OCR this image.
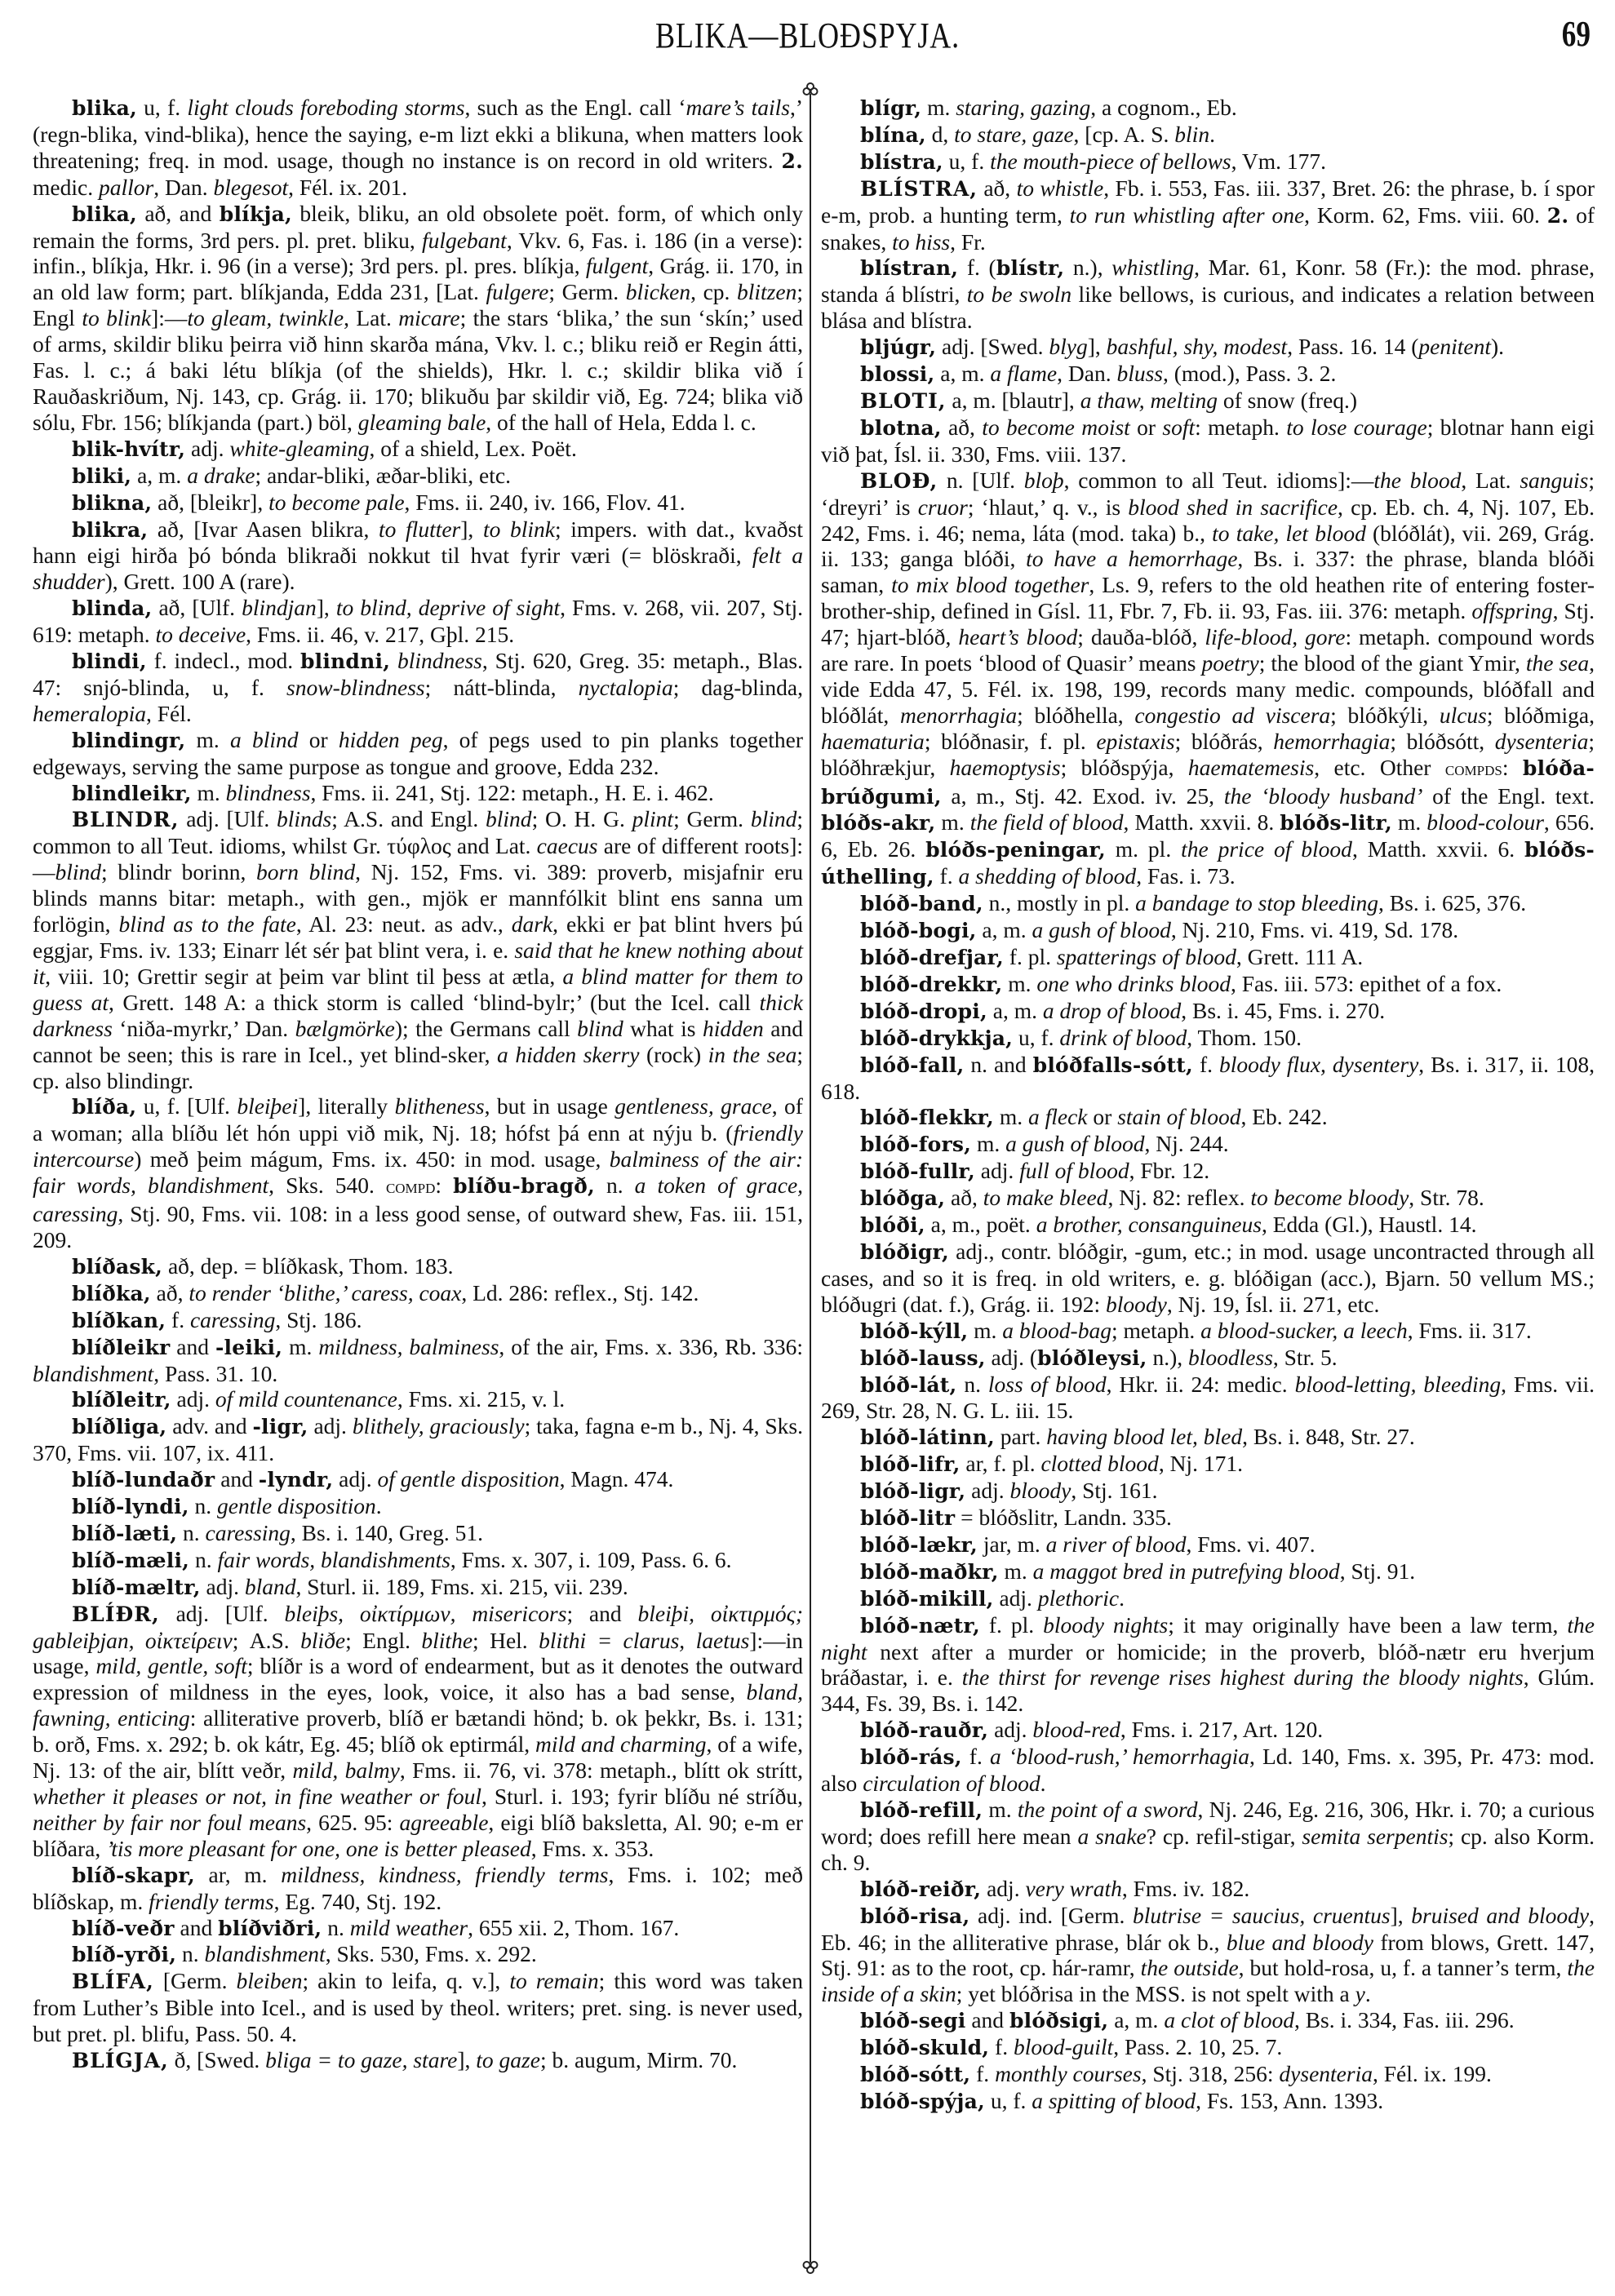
BLIKA—BLOĐSPYJA.	69

blika, u, f. light clouds foreboding storms, such as the Engl. call ‘mare’s tails,’ (regn-blika, vind-blika), hence the saying, e-m lizt ekki a blikuna, when matters look threatening; freq. in mod. usage, though no instance is on record in old writers. 2. medic. pallor, Dan. blegesot, Fél. ix. 201.

blika, að, and blíkja, bleik, bliku, an old obsolete poët. form, of which only remain the forms, 3rd pers. pl. pret. bliku, fulgebant, Vkv. 6, Fas. i. 186 (in a verse): infin., blíkja, Hkr. i. 96 (in a verse); 3rd pers. pl. pres. blíkja, fulgent, Grág. ii. 170, in an old law form; part. blíkjanda, Edda 231, [Lat. fulgere; Germ. blicken, cp. blitzen; Engl to blink]:—to gleam, twinkle, Lat. micare; the stars ‘blika,’ the sun ‘skín;’ used of arms, skildir bliku þeirra við hinn skarða mána, Vkv. l. c.; bliku reið er Regin átti, Fas. l. c.; á baki létu blíkja (of the shields), Hkr. l. c.; skildir blika við í Rauðaskriðum, Nj. 143, cp. Grág. ii. 170; blikuðu þar skildir við, Eg. 724; blika við sólu, Fbr. 156; blíkjanda (part.) böl, gleaming bale, of the hall of Hela, Edda l. c.

blik-hvítr, adj. white-gleaming, of a shield, Lex. Poët.

bliki, a, m. a drake; andar-bliki, æðar-bliki, etc.

blikna, að, [bleikr], to become pale, Fms. ii. 240, iv. 166, Flov. 41.

blikra, að, [Ivar Aasen blikra, to flutter], to blink; impers. with dat., kvaðst hann eigi hirða þó bónda blikraði nokkut til hvat fyrir væri (= blöskraði, felt a shudder), Grett. 100 A (rare).

blinda, að, [Ulf. blindjan], to blind, deprive of sight, Fms. v. 268, vii. 207, Stj. 619: metaph. to deceive, Fms. ii. 46, v. 217, Gþl. 215.

blindi, f. indecl., mod. blindni, blindness, Stj. 620, Greg. 35: metaph., Blas. 47: snjó-blinda, u, f. snow-blindness; nátt-blinda, nyctalopia; dag-blinda, hemeralopia, Fél.

blindingr, m. a blind or hidden peg, of pegs used to pin planks together edgeways, serving the same purpose as tongue and groove, Edda 232.

blindleikr, m. blindness, Fms. ii. 241, Stj. 122: metaph., H. E. i. 462.

BLINDR, adj. [Ulf. blinds; A.S. and Engl. blind; O. H. G. plint; Germ. blind; common to all Teut. idioms, whilst Gr. τύφλος and Lat. caecus are of different roots]:—blind; blindr borinn, born blind, Nj. 152, Fms. vi. 389: proverb, misjafnir eru blinds manns bitar: metaph., with gen., mjök er mannfólkit blint ens sanna um forlögin, blind as to the fate, Al. 23: neut. as adv., dark, ekki er þat blint hvers þú eggjar, Fms. iv. 133; Einarr lét sér þat blint vera, i. e. said that he knew nothing about it, viii. 10; Grettir segir at þeim var blint til þess at ætla, a blind matter for them to guess at, Grett. 148 A: a thick storm is called ‘blind-bylr;’ (but the Icel. call thick darkness ‘niða-myrkr,’ Dan. bælgmörke); the Germans call blind what is hidden and cannot be seen; this is rare in Icel., yet blind-sker, a hidden skerry (rock) in the sea; cp. also blindingr.

blíða, u, f. [Ulf. bleiþei], literally blitheness, but in usage gentleness, grace, of a woman; alla blíðu lét hón uppi við mik, Nj. 18; hófst þá enn at nýju b. (friendly intercourse) með þeim mágum, Fms. ix. 450: in mod. usage, balminess of the air: fair words, blandishment, Sks. 540. compd: blíðu-bragð, n. a token of grace, caressing, Stj. 90, Fms. vii. 108: in a less good sense, of outward shew, Fas. iii. 151, 209.

blíðask, að, dep. = blíðkask, Thom. 183.

blíðka, að, to render ‘blithe,’ caress, coax, Ld. 286: reflex., Stj. 142.

blíðkan, f. caressing, Stj. 186.

blíðleikr and -leiki, m. mildness, balminess, of the air, Fms. x. 336, Rb. 336: blandishment, Pass. 31. 10.

blíðleitr, adj. of mild countenance, Fms. xi. 215, v. l.

blíðliga, adv. and -ligr, adj. blithely, graciously; taka, fagna e-m b., Nj. 4, Sks. 370, Fms. vii. 107, ix. 411.

blíð-lundaðr and -lyndr, adj. of gentle disposition, Magn. 474.

blíð-lyndi, n. gentle disposition.

blíð-læti, n. caressing, Bs. i. 140, Greg. 51.

blíð-mæli, n. fair words, blandishments, Fms. x. 307, i. 109, Pass. 6. 6.

blíð-mæltr, adj. bland, Sturl. ii. 189, Fms. xi. 215, vii. 239.

BLÍÐR, adj. [Ulf. bleiþs, οἰκτίρμων, misericors; and bleiþi, οἰκτιρμός; gableiþjan, οἰκτείρειν; A.S. bliðe; Engl. blithe; Hel. blithi = clarus, laetus]:—in usage, mild, gentle, soft; blíðr is a word of endearment, but as it denotes the outward expression of mildness in the eyes, look, voice, it also has a bad sense, bland, fawning, enticing: alliterative proverb, blíð er bætandi hönd; b. ok þekkr, Bs. i. 131; b. orð, Fms. x. 292; b. ok kátr, Eg. 45; blíð ok eptirmál, mild and charming, of a wife, Nj. 13: of the air, blítt veðr, mild, balmy, Fms. ii. 76, vi. 378: metaph., blítt ok strítt, whether it pleases or not, in fine weather or foul, Sturl. i. 193; fyrir blíðu né stríðu, neither by fair nor foul means, 625. 95: agreeable, eigi blíð bakslettа, Al. 90; e-m er blíðara, ’tis more pleasant for one, one is better pleased, Fms. x. 353.

blíð-skapr, ar, m. mildness, kindness, friendly terms, Fms. i. 102; með blíðskap, m. friendly terms, Eg. 740, Stj. 192.

blíð-veðr and blíðviðri, n. mild weather, 655 xii. 2, Thom. 167.

blíð-yrði, n. blandishment, Sks. 530, Fms. x. 292.

BLÍFA, [Germ. bleiben; akin to leifa, q. v.], to remain; this word was taken from Luther’s Bible into Icel., and is used by theol. writers; pret. sing. is never used, but pret. pl. blifu, Pass. 50. 4.

BLÍGJA, ð, [Swed. bliga = to gaze, stare], to gaze; b. augum, Mirm. 70.

blígr, m. staring, gazing, a cognom., Eb.

blína, d, to stare, gaze, [cp. A. S. blin.

blístra, u, f. the mouth-piece of bellows, Vm. 177.

BLÍSTRA, að, to whistle, Fb. i. 553, Fas. iii. 337, Bret. 26: the phrase, b. í spor e-m, prob. a hunting term, to run whistling after one, Korm. 62, Fms. viii. 60. 2. of snakes, to hiss, Fr.

blístran, f. (blístr, n.), whistling, Mar. 61, Konr. 58 (Fr.): the mod. phrase, standa á blístri, to be swoln like bellows, is curious, and indicates a relation between blása and blístra.

bljúgr, adj. [Swed. blyg], bashful, shy, modest, Pass. 16. 14 (penitent).

blossi, a, m. a flame, Dan. bluss, (mod.), Pass. 3. 2.

BLOTI, a, m. [blautr], a thaw, melting of snow (freq.)

blotna, að, to become moist or soft: metaph. to lose courage; blotnar hann eigi við þat, Ísl. ii. 330, Fms. viii. 137.

BLOÐ, n. [Ulf. bloþ, common to all Teut. idioms]:—the blood, Lat. sanguis; ‘dreyri’ is cruor; ‘hlaut,’ q. v., is blood shed in sacrifice, cp. Eb. ch. 4, Nj. 107, Eb. 242, Fms. i. 46; nema, láta (mod. taka) b., to take, let blood (blóðlát), vii. 269, Grág. ii. 133; ganga blóði, to have a hemorrhage, Bs. i. 337: the phrase, blanda blóði saman, to mix blood together, Ls. 9, refers to the old heathen rite of entering foster-brother-ship, defined in Gísl. 11, Fbr. 7, Fb. ii. 93, Fas. iii. 376: metaph. offspring, Stj. 47; hjart-blóð, heart’s blood; dauða-blóð, life-blood, gore: metaph. compound words are rare. In poets ‘blood of Quasir’ means poetry; the blood of the giant Ymir, the sea, vide Edda 47, 5. Fél. ix. 198, 199, records many medic. compounds, blóðfall and blóðlát, menorrhagia; blóðhella, congestio ad viscera; blóðkýli, ulcus; blóðmiga, haematuria; blóðnasir, f. pl. epistaxis; blóðrás, hemorrhagia; blóðsótt, dysenteria; blóðhrækjur, haemoptysis; blóðspýja, haematemesis, etc. Other compds: blóða-brúðgumi, a, m., Stj. 42. Exod. iv. 25, the ‘bloody husband’ of the Engl. text. blóðs-akr, m. the field of blood, Matth. xxvii. 8. blóðs-litr, m. blood-colour, 656. 6, Eb. 26. blóðs-peningar, m. pl. the price of blood, Matth. xxvii. 6. blóðs-úthelling, f. a shedding of blood, Fas. i. 73.

blóð-band, n., mostly in pl. a bandage to stop bleeding, Bs. i. 625, 376.

blóð-bogi, a, m. a gush of blood, Nj. 210, Fms. vi. 419, Sd. 178.

blóð-drefjar, f. pl. spatterings of blood, Grett. 111 A.

blóð-drekkr, m. one who drinks blood, Fas. iii. 573: epithet of a fox.

blóð-dropi, a, m. a drop of blood, Bs. i. 45, Fms. i. 270.

blóð-drykkja, u, f. drink of blood, Thom. 150.

blóð-fall, n. and blóðfalls-sótt, f. bloody flux, dysentery, Bs. i. 317, ii. 108, 618.

blóð-flekkr, m. a fleck or stain of blood, Eb. 242.

blóð-fors, m. a gush of blood, Nj. 244.

blóð-fullr, adj. full of blood, Fbr. 12.

blóðga, að, to make bleed, Nj. 82: reflex. to become bloody, Str. 78.

blóði, a, m., poët. a brother, consanguineus, Edda (Gl.), Haustl. 14.

blóðigr, adj., contr. blóðgir, -gum, etc.; in mod. usage uncontracted through all cases, and so it is freq. in old writers, e. g. blóðigan (acc.), Bjarn. 50 vellum MS.; blóðugri (dat. f.), Grág. ii. 192: bloody, Nj. 19, Ísl. ii. 271, etc.

blóð-kýll, m. a blood-bag; metaph. a blood-sucker, a leech, Fms. ii. 317.

blóð-lauss, adj. (blóðleysi, n.), bloodless, Str. 5.

blóð-lát, n. loss of blood, Hkr. ii. 24: medic. blood-letting, bleeding, Fms. vii. 269, Str. 28, N. G. L. iii. 15.

blóð-látinn, part. having blood let, bled, Bs. i. 848, Str. 27.

blóð-lifr, ar, f. pl. clotted blood, Nj. 171.

blóð-ligr, adj. bloody, Stj. 161.

blóð-litr = blóðslitr, Landn. 335.

blóð-lækr, jar, m. a river of blood, Fms. vi. 407.

blóð-maðkr, m. a maggot bred in putrefying blood, Stj. 91.

blóð-mikill, adj. plethoric.

blóð-nætr, f. pl. bloody nights; it may originally have been a law term, the night next after a murder or homicide; in the proverb, blóð-nætr eru hverjum bráðastar, i. e. the thirst for revenge rises highest during the bloody nights, Glúm. 344, Fs. 39, Bs. i. 142.

blóð-rauðr, adj. blood-red, Fms. i. 217, Art. 120.

blóð-rás, f. a ‘blood-rush,’ hemorrhagia, Ld. 140, Fms. x. 395, Pr. 473: mod. also circulation of blood.

blóð-refill, m. the point of a sword, Nj. 246, Eg. 216, 306, Hkr. i. 70; a curious word; does refill here mean a snake? cp. refil-stigar, semita serpentis; cp. also Korm. ch. 9.

blóð-reiðr, adj. very wrath, Fms. iv. 182.

blóð-risa, adj. ind. [Germ. blutrise = saucius, cruentus], bruised and bloody, Eb. 46; in the alliterative phrase, blár ok b., blue and bloody from blows, Grett. 147, Stj. 91: as to the root, cp. hár-ramr, the outside, but hold-rosa, u, f. a tanner’s term, the inside of a skin; yet blóðrisa in the MSS. is not spelt with a y.

blóð-segi and blóðsigi, a, m. a clot of blood, Bs. i. 334, Fas. iii. 296.

blóð-skuld, f. blood-guilt, Pass. 2. 10, 25. 7.

blóð-sótt, f. monthly courses, Stj. 318, 256: dysenteria, Fél. ix. 199.

blóð-spýja, u, f. a spitting of blood, Fs. 153, Ann. 1393.
